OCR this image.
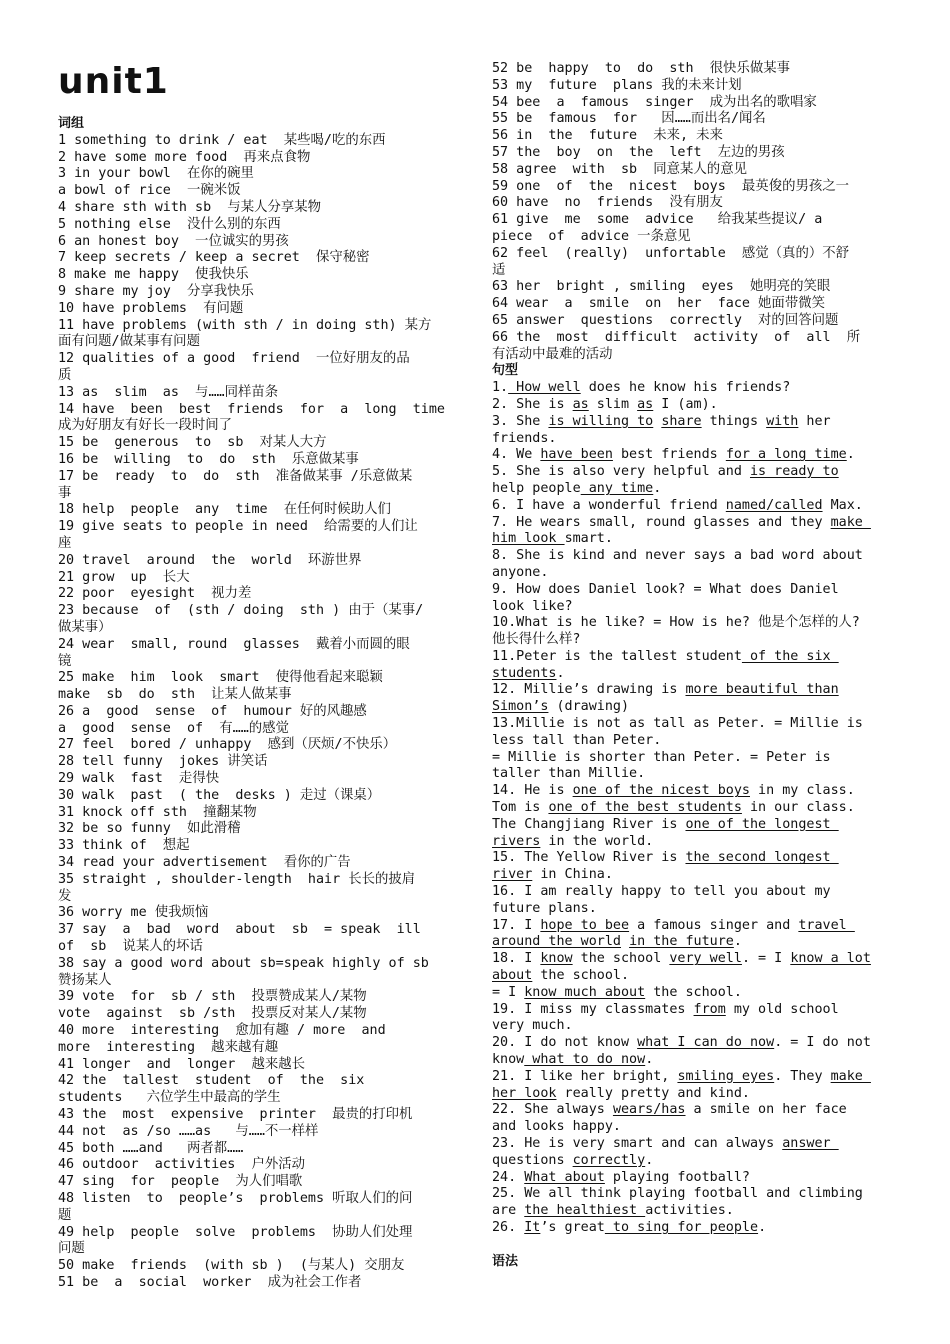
unit1
词组
1 something to drink / eat  某些喝/吃的东西
2 have some more food  再来点食物
3 in your bowl  在你的碗里
a bowl of rice  一碗米饭
4 share sth with sb  与某人分享某物
5 nothing else  没什么别的东西
6 an honest boy  一位诚实的男孩
7 keep secrets / keep a secret  保守秘密
8 make me happy  使我快乐
9 share my joy  分享我快乐
10 have problems  有问题
11 have problems (with sth / in doing sth) 某方
面有问题/做某事有问题
12 qualities of a good  friend  一位好朋友的品
质
13 as  slim  as  与……同样苗条
14 have  been  best  friends  for  a  long  time
成为好朋友有好长一段时间了
15 be  generous  to  sb  对某人大方
16 be  willing  to  do  sth  乐意做某事
17 be  ready  to  do  sth  准备做某事 /乐意做某
事
18 help  people  any  time  在任何时候助人们
19 give seats to people in need  给需要的人们让
座
20 travel  around  the  world  环游世界
21 grow  up  长大
22 poor  eyesight  视力差
23 because  of  (sth / doing  sth ) 由于（某事/
做某事）
24 wear  small, round  glasses  戴着小而圆的眼
镜
25 make  him  look  smart  使得他看起来聪颖
make  sb  do  sth  让某人做某事
26 a  good  sense  of  humour 好的风趣感
a  good  sense  of  有……的感觉
27 feel  bored / unhappy  感到（厌烦/不快乐）
28 tell funny  jokes 讲笑话
29 walk  fast  走得快
30 walk  past  ( the  desks ) 走过（课桌）
31 knock off sth  撞翻某物
32 be so funny  如此滑稽
33 think of  想起
34 read your advertisement  看你的广告
35 straight , shoulder-length  hair 长长的披肩
发
36 worry me 使我烦恼
37 say  a  bad  word  about  sb  = speak  ill
of  sb  说某人的坏话
38 say a good word about sb=speak highly of sb
赞扬某人
39 vote  for  sb / sth  投票赞成某人/某物
vote  against  sb /sth  投票反对某人/某物
40 more  interesting  愈加有趣 / more  and
more  interesting  越来越有趣
41 longer  and  longer  越来越长
42 the  tallest  student  of  the  six
students   六位学生中最高的学生
43 the  most  expensive  printer  最贵的打印机
44 not  as /so ……as   与……不一样样
45 both ……and   两者都……
46 outdoor  activities  户外活动
47 sing  for  people  为人们唱歌
48 listen  to  people’s  problems 听取人们的问
题
49 help  people  solve  problems  协助人们处理
问题
50 make  friends  (with sb )  (与某人) 交朋友
51 be  a  social  worker  成为社会工作者
52 be  happy  to  do  sth  很快乐做某事
53 my  future  plans 我的未来计划
54 bee  a  famous  singer  成为出名的歌唱家
55 be  famous  for   因……而出名/闻名
56 in  the  future  未来, 未来
57 the  boy  on  the  left  左边的男孩
58 agree  with  sb  同意某人的意见
59 one  of  the  nicest  boys  最英俊的男孩之一
60 have  no  friends  没有朋友
61 give  me  some  advice   给我某些提议/ a
piece  of  advice 一条意见
62 feel  (really)  unfortable  感觉（真的）不舒
适
63 her  bright , smiling  eyes  她明亮的笑眼
64 wear  a  smile  on  her  face 她面带微笑
65 answer  questions  correctly  对的回答问题
66 the  most  difficult  activity  of  all  所
有活动中最难的活动
句型
1. How well does he know his friends?
2. She is as slim as I (am).
3. She is willing to share things with her
friends.
4. We have been best friends for a long time.
5. She is also very helpful and is ready to
help people any time.
6. I have a wonderful friend named/called Max.
7. He wears small, round glasses and they make
him look smart.
8. She is kind and never says a bad word about
anyone.
9. How does Daniel look? = What does Daniel
look like?
10.What is he like? = How is he? 他是个怎样的人?
他长得什么样?
11.Peter is the tallest student of the six
students.
12. Millie’s drawing is more beautiful than
Simon’s (drawing)
13.Millie is not as tall as Peter. = Millie is
less tall than Peter.
= Millie is shorter than Peter. = Peter is
taller than Millie.
14. He is one of the nicest boys in my class.
Tom is one of the best students in our class.
The Changjiang River is one of the longest
rivers in the world.
15. The Yellow River is the second longest
river in China.
16. I am really happy to tell you about my
future plans.
17. I hope to bee a famous singer and travel
around the world in the future.
18. I know the school very well. = I know a lot
about the school.
= I know much about the school.
19. I miss my classmates from my old school
very much.
20. I do not know what I can do now. = I do not
know what to do now.
21. I like her bright, smiling eyes. They make
her look really pretty and kind.
22. She always wears/has a smile on her face
and looks happy.
23. He is very smart and can always answer
questions correctly.
24. What about playing football?
25. We all think playing football and climbing
are the healthiest activities.
26. It’s great to sing for people.
语法
